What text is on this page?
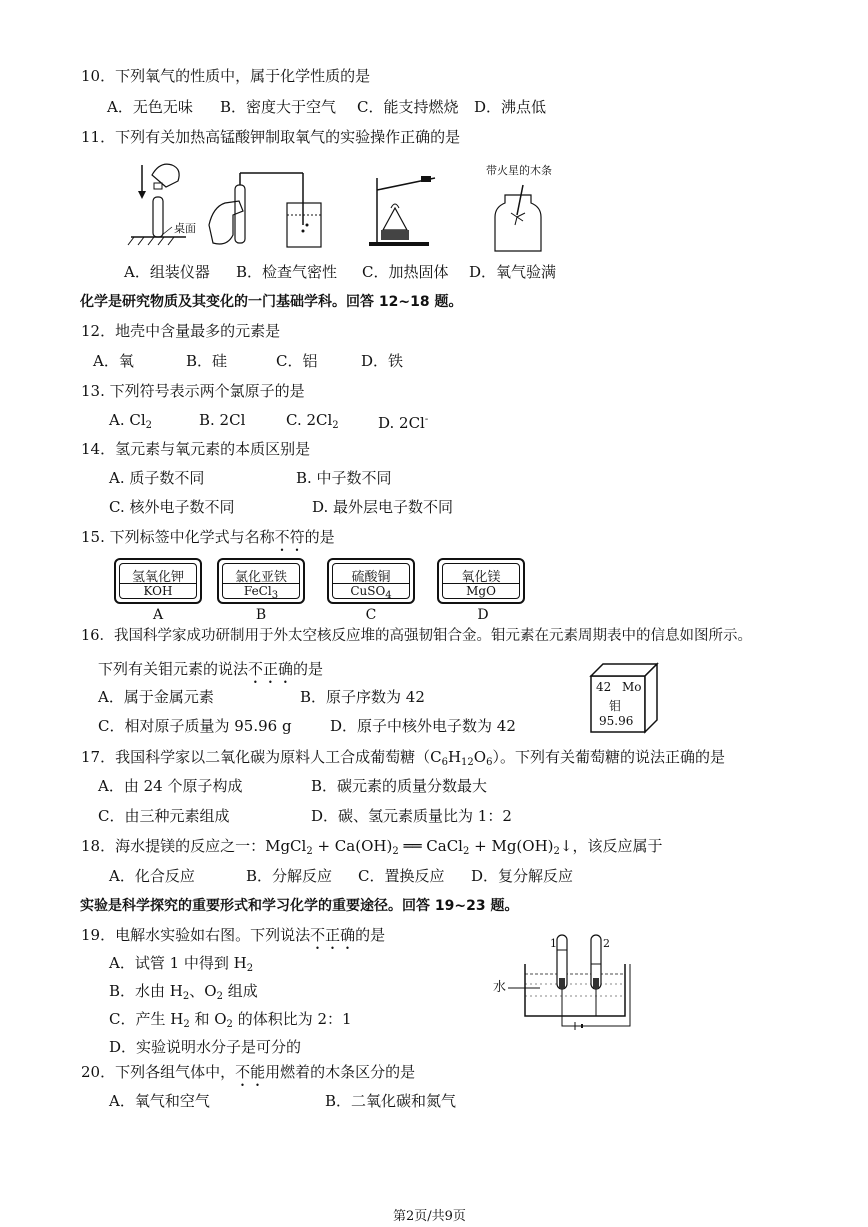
10．下列氧气的性质中，属于化学性质的是
A．无色无味 B．密度大于空气 C．能支持燃烧 D．沸点低
11．下列有关加热高锰酸钾制取氧气的实验操作正确的是
桌面
带火星的木条
A．组装仪器 B．检查气密性 C．加热固体 D．氧气验满
化学是研究物质及其变化的一门基础学科。回答 12~18 题。
12．地壳中含量最多的元素是
A．氧	B．硅	C．铝	D．铁
13. 下列符号表示两个氯原子的是
A. $Cl_2$	B. 2Cl	C. $2Cl_2$	D. 2Cl-
14．氢元素与氧元素的本质区别是
A. 质子数不同	B. 中子数不同
C. 核外电子数不同	D. 最外层电子数不同
15. 下列标签中化学式与名称不符的是
氢氧化钾
KOH
氯化亚铁
FeCl$_3$
硫酸铜
CuSO$_4$
氧化镁
MgO
A	B	C	D
16．我国科学家成功研制用于外太空核反应堆的高强韧钼合金。钼元素在元素周期表中的信息如图所示。
下列有关钼元素的说法不正确的是
A．属于金属元素	B．原子序数为 42
C．相对原子质量为 95.96 g	D．原子中核外电子数为 42
42 Mo
钼
95.96
17．我国科学家以二氧化碳为原料人工合成葡萄糖$(C_6H_{12}O_6)$。下列有关葡萄糖的说法正确的是
A．由 24 个原子构成	B．碳元素的质量分数最大
C．由三种元素组成	D．碳、氢元素质量比为 1：2
18．海水提镁的反应之一：MgCl$_2$ + $Ca(OH)_2$ ══ CaCl$_2$ + $Mg(OH)_2↓$，该反应属于
A．化合反应	B．分解反应 C．置换反应 D．复分解反应
实验是科学探究的重要形式和学习化学的重要途径。回答 19~23 题。
19．电解水实验如右图。下列说法不正确的是
A．试管 1 中得到 $H_2$
B．水由 $H_2$、$O_2$ 组成
C．产生 $H_2$ 和 $O_2$ 的体积比为 2：1
D．实验说明水分子是可分的
1	2
水
20．下列各组气体中，不能用燃着的木条区分的是
A．氧气和空气	B．二氧化碳和氮气
第2页/共9页
